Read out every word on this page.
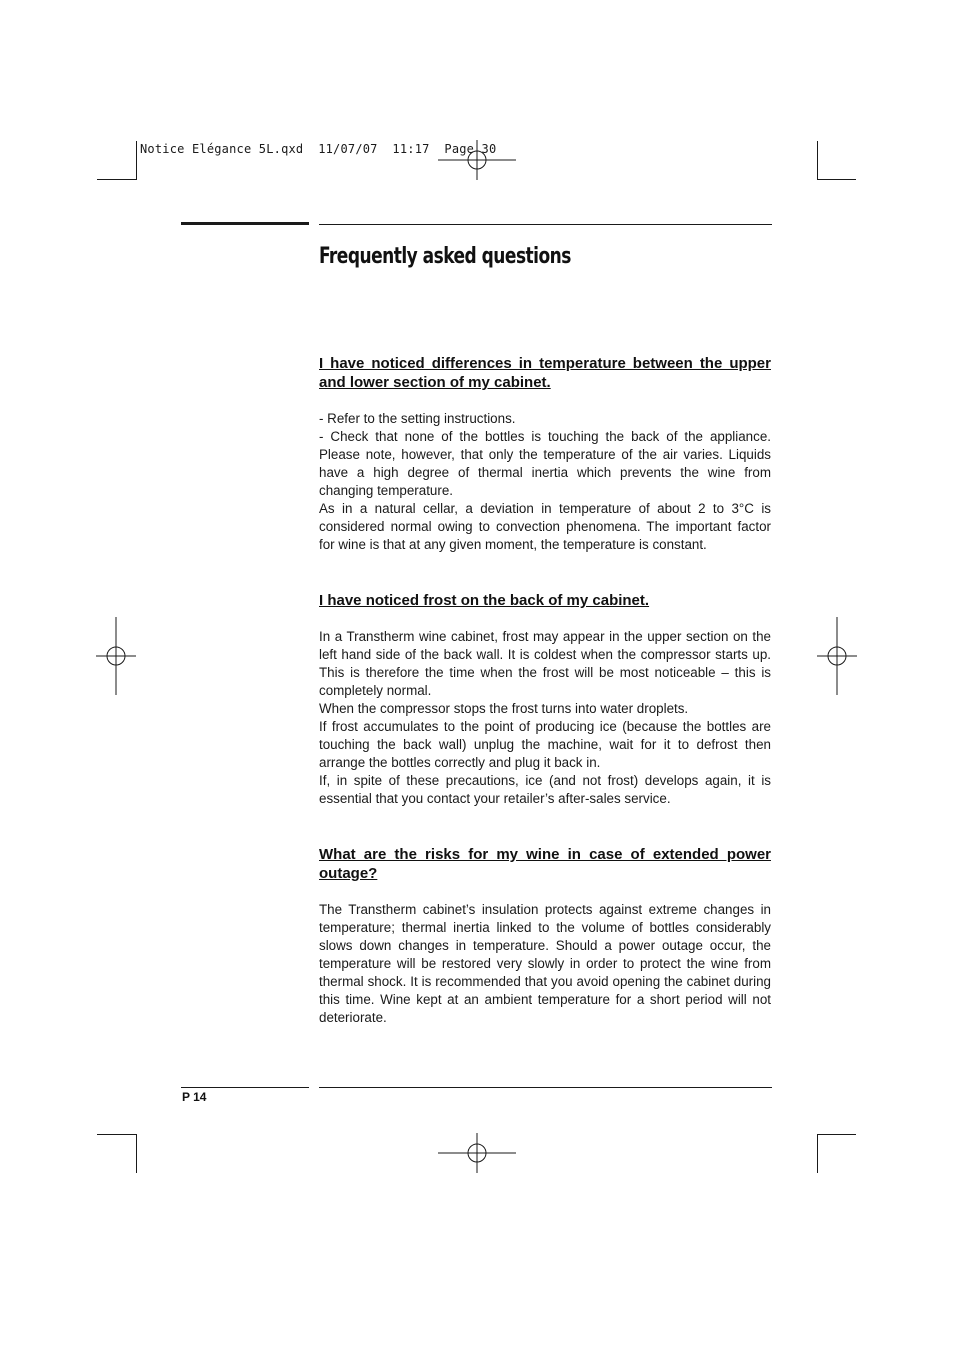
Notice Elégance 5L.qxd  11/07/07  11:17  Page 30
Frequently asked questions
I have noticed differences in temperature between the upper and lower section of my cabinet.

- Refer to the setting instructions.

- Check that none of the bottles is touching the back of the appliance. Please note, however, that only the temperature of the air varies. Liquids have a high degree of thermal inertia which prevents the wine from changing temperature.

As in a natural cellar, a deviation in temperature of about 2 to 3°C is considered normal owing to convection phenomena. The important factor for wine is that at any given moment, the temperature is constant.

I have noticed frost on the back of my cabinet.

In a Transtherm wine cabinet, frost may appear in the upper section on the left hand side of the back wall. It is coldest when the compressor starts up. This is therefore the time when the frost will be most noticeable – this is completely normal.

When the compressor stops the frost turns into water droplets.

If frost accumulates to the point of producing ice (because the bottles are touching the back wall) unplug the machine, wait for it to defrost then arrange the bottles correctly and plug it back in.

If, in spite of these precautions, ice (and not frost) develops again, it is essential that you contact your retailer’s after-sales service.

What are the risks for my wine in case of extended power outage?

The Transtherm cabinet’s insulation protects against extreme changes in temperature; thermal inertia linked to the volume of bottles considerably slows down changes in temperature. Should a power outage occur, the temperature will be restored very slowly in order to protect the wine from thermal shock. It is recommended that you avoid opening the cabinet during this time. Wine kept at an ambient temperature for a short period will not deteriorate.

P 14
